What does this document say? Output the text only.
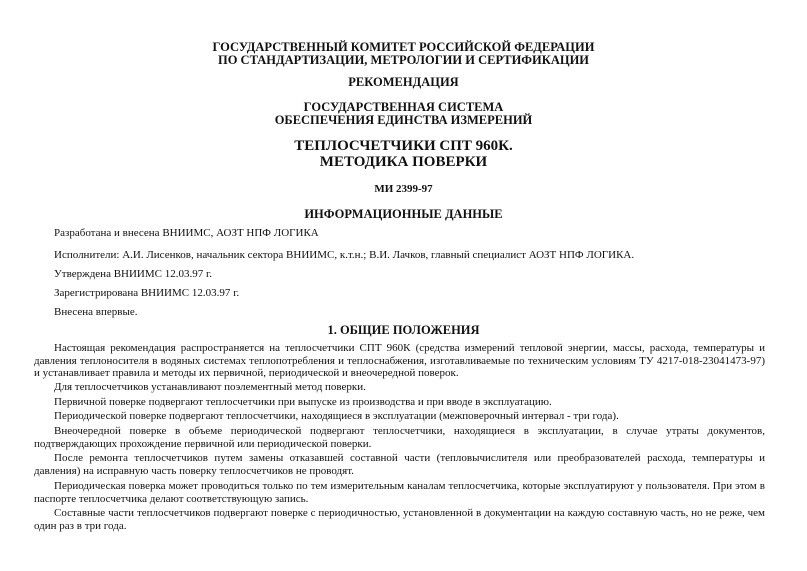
ГОСУДАРСТВЕННЫЙ КОМИТЕТ РОССИЙСКОЙ ФЕДЕРАЦИИ
ПО СТАНДАРТИЗАЦИИ, МЕТРОЛОГИИ И СЕРТИФИКАЦИИ
РЕКОМЕНДАЦИЯ
ГОСУДАРСТВЕННАЯ СИСТЕМА
ОБЕСПЕЧЕНИЯ ЕДИНСТВА ИЗМЕРЕНИЙ
ТЕПЛОСЧЕТЧИКИ СПТ 960К.
МЕТОДИКА ПОВЕРКИ
МИ 2399-97
ИНФОРМАЦИОННЫЕ ДАННЫЕ
Разработана и внесена ВНИИМС, АОЗТ НПФ ЛОГИКА
Исполнители: А.И. Лисенков, начальник сектора ВНИИМС, к.т.н.; В.И. Лачков, главный специалист АОЗТ НПФ ЛОГИКА.
Утверждена ВНИИМС 12.03.97 г.
Зарегистрирована ВНИИМС 12.03.97 г.
Внесена впервые.
1. ОБЩИЕ ПОЛОЖЕНИЯ

Настоящая рекомендация распространяется на теплосчетчики СПТ 960К (средства измерений тепловой энергии, массы, расхода, температуры и давления теплоносителя в водяных системах теплопотребления и теплоснабжения, изготавливаемые по техническим условиям ТУ 4217-018-23041473-97) и устанавливает правила и методы их первичной, периодической и внеочередной поверок.

Для теплосчетчиков устанавливают поэлементный метод поверки.

Первичной поверке подвергают теплосчетчики при выпуске из производства и при вводе в эксплуатацию.

Периодической поверке подвергают теплосчетчики, находящиеся в эксплуатации (межповерочный интервал - три года).

Внеочередной поверке в объеме периодической подвергают теплосчетчики, находящиеся в эксплуатации, в случае утраты документов, подтверждающих прохождение первичной или периодической поверки.

После ремонта теплосчетчиков путем замены отказавшей составной части (тепловычислителя или преобразователей расхода, температуры и давления) на исправную часть поверку теплосчетчиков не проводят.

Периодическая поверка может проводиться только по тем измерительным каналам теплосчетчика, которые эксплуатируют у пользователя. При этом в паспорте теплосчетчика делают соответствующую запись.

Составные части теплосчетчиков подвергают поверке с периодичностью, установленной в документации на каждую составную часть, но не реже, чем один раз в три года.
